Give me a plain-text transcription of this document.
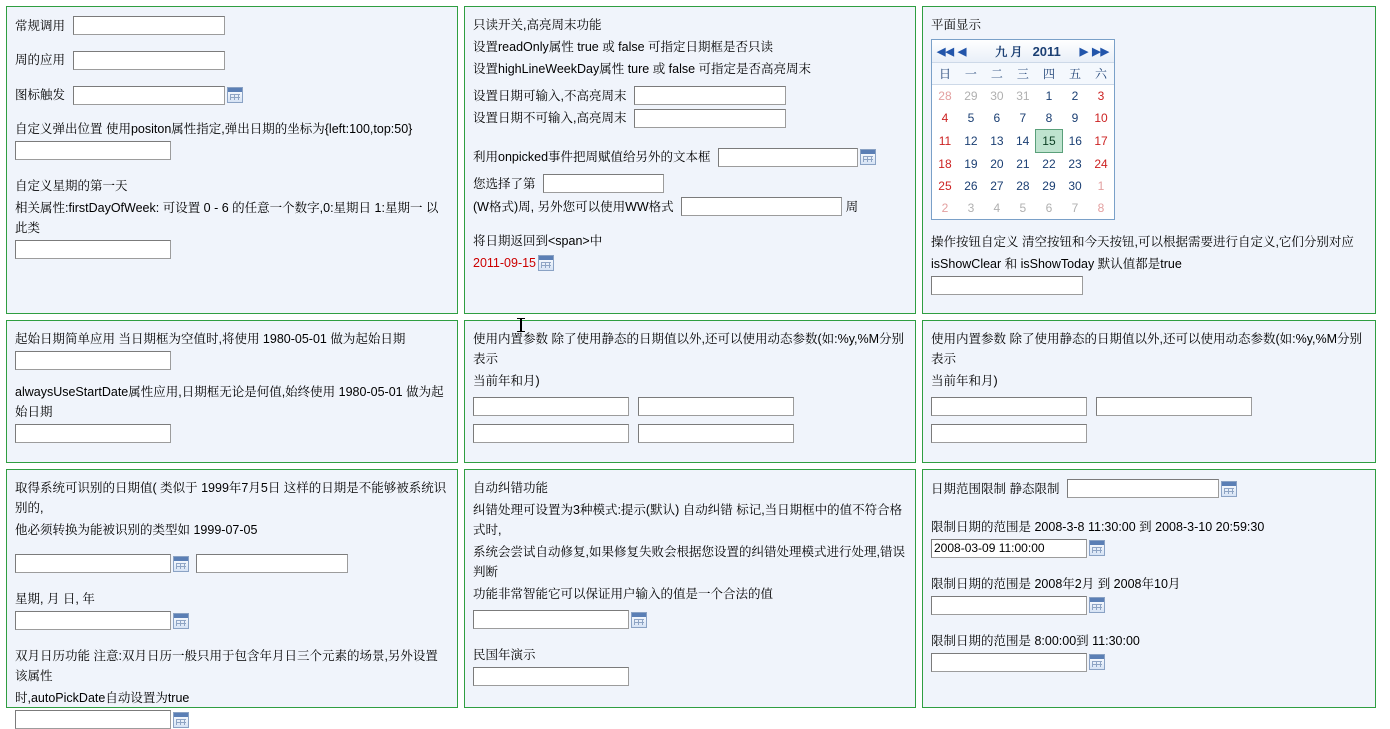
常规调用
周的应用
图标触发
自定义弹出位置 使用positon属性指定,弹出日期的坐标为{left:100,top:50}
自定义星期的第一天
相关属性:firstDayOfWeek: 可设置 0 - 6 的任意一个数字,0:星期日 1:星期一 以此类
只读开关,高亮周末功能
设置readOnly属性 true 或 false 可指定日期框是否只读
设置highLineWeekDay属性 ture 或 false 可指定是否高亮周末
设置日期可输入,不高亮周末
设置日期不可输入,高亮周末
利用onpicked事件把周赋值给另外的文本框
您选择了第
(W格式)周, 另外您可以使用WW格式	周
将日期返回到<span>中
2011-09-15
平面显示
◀◀ ◀ 九 月 2011 ▶ ▶▶
日	一	二	三	四	五	六
28	29	30	31	1	2	3
4	5	6	7	8	9	10
11	12	13	14	15	16	17
18	19	20	21	22	23	24
25	26	27	28	29	30	1
2	3	4	5	6	7	8
操作按钮自定义 清空按钮和今天按钮,可以根据需要进行自定义,它们分别对应
isShowClear 和 isShowToday 默认值都是true
起始日期简单应用 当日期框为空值时,将使用 1980-05-01 做为起始日期
alwaysUseStartDate属性应用,日期框无论是何值,始终使用 1980-05-01 做为起始日期
使用内置参数 除了使用静态的日期值以外,还可以使用动态参数(如:%y,%M分别表示
当前年和月)

使用内置参数 除了使用静态的日期值以外,还可以使用动态参数(如:%y,%M分别表示
当前年和月)

取得系统可识别的日期值( 类似于 1999年7月5日 这样的日期是不能够被系统识别的,
他必须转换为能被识别的类型如 1999-07-05

星期, 月 日, 年
双月日历功能 注意:双月日历一般只用于包含年月日三个元素的场景,另外设置该属性
时,autoPickDate自动设置为true
自动纠错功能
纠错处理可设置为3种模式:提示(默认) 自动纠错 标记,当日期框中的值不符合格式时,
系统会尝试自动修复,如果修复失败会根据您设置的纠错处理模式进行处理,错误判断
功能非常智能它可以保证用户输入的值是一个合法的值
民国年演示
日期范围限制 静态限制
限制日期的范围是 2008-3-8 11:30:00 到 2008-3-10 20:59:30
2008-03-09 11:00:00
限制日期的范围是 2008年2月 到 2008年10月
限制日期的范围是 8:00:00到 11:30:00
